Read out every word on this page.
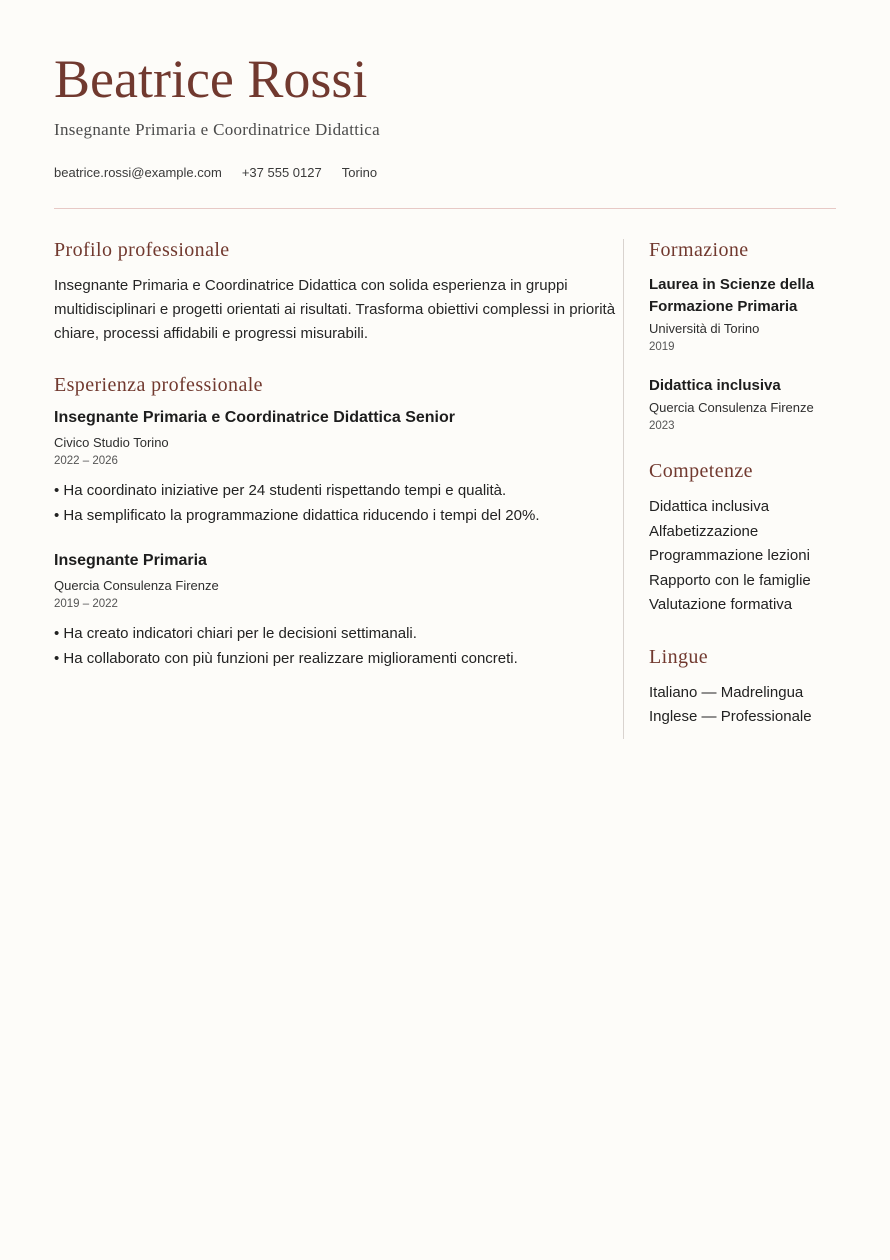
Beatrice Rossi
Insegnante Primaria e Coordinatrice Didattica
beatrice.rossi@example.com +37 555 0127 Torino
Profilo professionale

Insegnante Primaria e Coordinatrice Didattica con solida esperienza in gruppi multidisciplinari e progetti orientati ai risultati. Trasforma obiettivi complessi in priorità chiare, processi affidabili e progressi misurabili.

Esperienza professionale
Insegnante Primaria e Coordinatrice Didattica Senior
Civico Studio Torino
2022 – 2026
• Ha coordinato iniziative per 24 studenti rispettando tempi e qualità.
• Ha semplificato la programmazione didattica riducendo i tempi del 20%.
Insegnante Primaria
Quercia Consulenza Firenze
2019 – 2022
• Ha creato indicatori chiari per le decisioni settimanali.
• Ha collaborato con più funzioni per realizzare miglioramenti concreti.
Formazione
Laurea in Scienze della Formazione Primaria
Università di Torino
2019
Didattica inclusiva
Quercia Consulenza Firenze
2023
Competenze
Didattica inclusiva
Alfabetizzazione
Programmazione lezioni
Rapporto con le famiglie
Valutazione formativa
Lingue
Italiano — Madrelingua
Inglese — Professionale
